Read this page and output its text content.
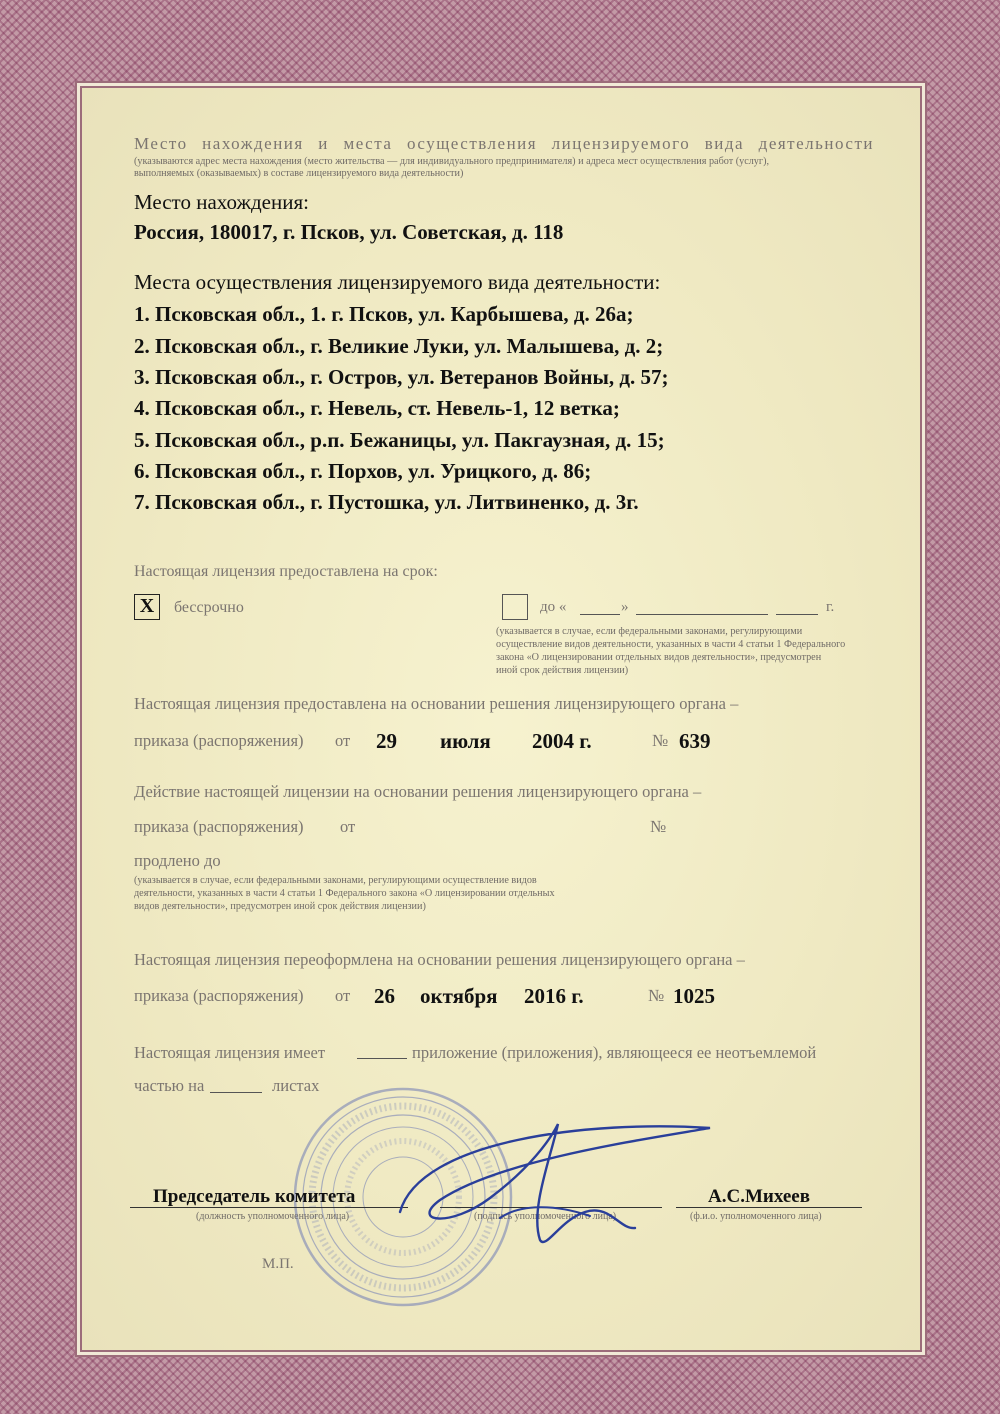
Место нахождения и места осуществления лицензируемого вида деятельности
(указываются адрес места нахождения (место жительства — для индивидуального предпринимателя) и адреса мест осуществления работ (услуг),
выполняемых (оказываемых) в составе лицензируемого вида деятельности)
Место нахождения:
Россия, 180017, г. Псков, ул. Советская, д. 118
Места осуществления лицензируемого вида деятельности:
1. Псковская обл., 1. г. Псков, ул. Карбышева, д. 26а;
2. Псковская обл., г. Великие Луки, ул. Малышева, д. 2;
3. Псковская обл., г. Остров, ул. Ветеранов Войны, д. 57;
4. Псковская обл., г. Невель, ст. Невель-1, 12 ветка;
5. Псковская обл., р.п. Бежаницы, ул. Пакгаузная, д. 15;
6. Псковская обл., г. Порхов, ул. Урицкого, д. 86;
7. Псковская обл., г. Пустошка, ул. Литвиненко, д. 3г.
Настоящая лицензия предоставлена на срок:
X	бессрочно	до «	»	г.
(указывается в случае, если федеральными законами, регулирующими
осуществление видов деятельности, указанных в части 4 статьи 1 Федерального
закона «О лицензировании отдельных видов деятельности», предусмотрен
иной срок действия лицензии)
Настоящая лицензия предоставлена на основании решения лицензирующего органа –
приказа (распоряжения) от 29 июля 2004 г.	№ 639
Действие настоящей лицензии на основании решения лицензирующего органа –
приказа (распоряжения) от	№
продлено до
(указывается в случае, если федеральными законами, регулирующими осуществление видов
деятельности, указанных в части 4 статьи 1 Федерального закона «О лицензировании отдельных
видов деятельности», предусмотрен иной срок действия лицензии)
Настоящая лицензия переоформлена на основании решения лицензирующего органа –
приказа (распоряжения) от 26 октября 2016 г.	№ 1025
Настоящая лицензия имеет	приложение (приложения), являющееся ее неотъемлемой
частью на	листах
Председатель комитета
(должность уполномоченного лица)	(подпись уполномоченного лица)
А.С.Михеев
(ф.и.о. уполномоченного лица)
М.П.
